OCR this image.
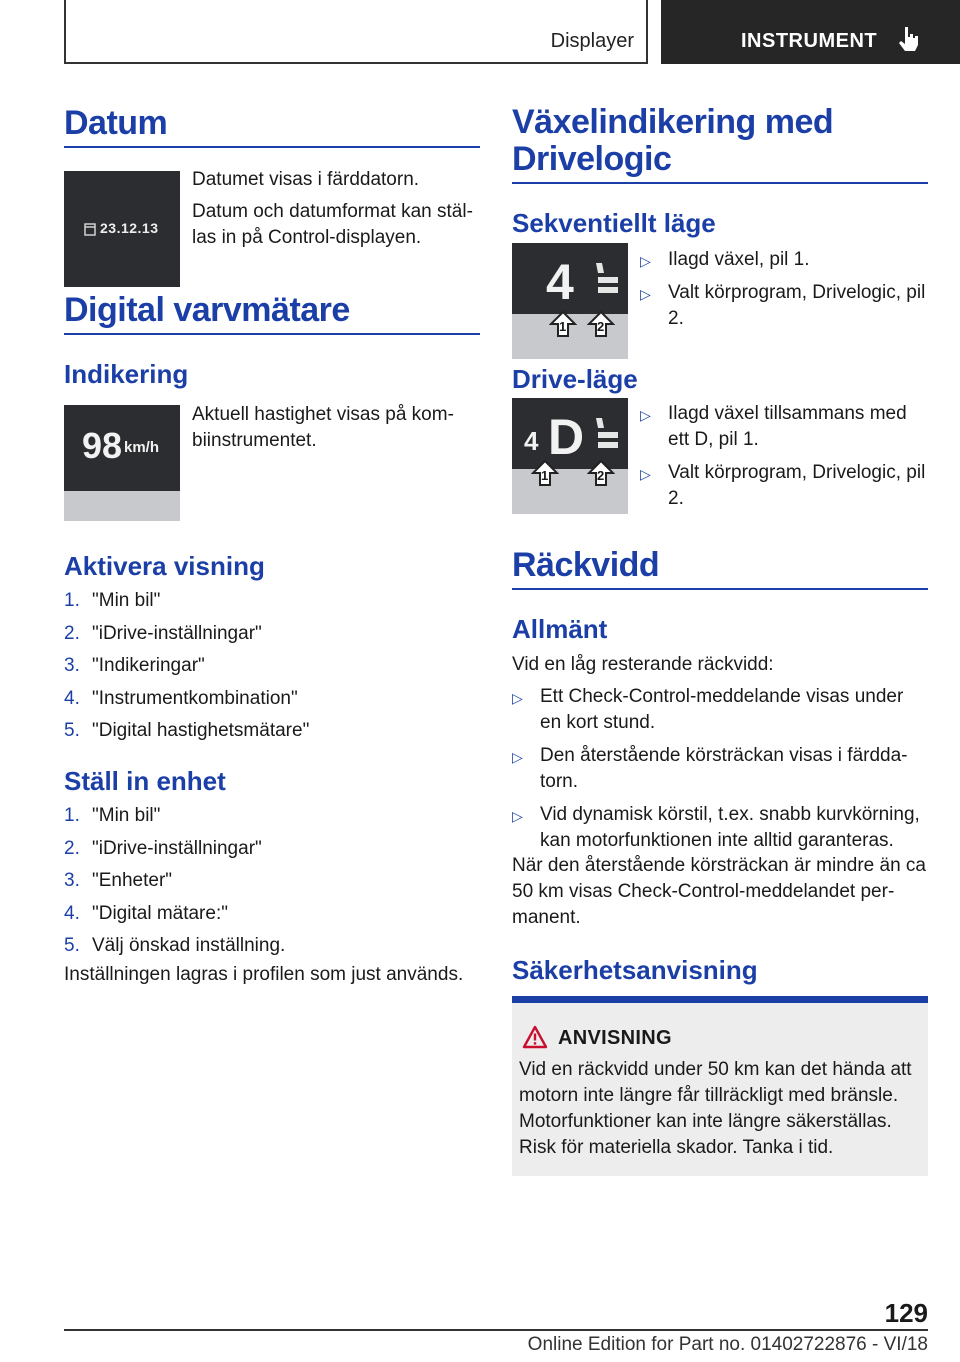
Displayer	INSTRUMENT
Datum
23.12.13
Datumet visas i färddatorn.
Datum och datumformat kan stäl-las in på Control-displayen.
Digital varvmätare
Indikering
98 km/h
Aktuell hastighet visas på kom-biinstrumentet.
Aktivera visning
1. "Min bil"
2. "iDrive-inställningar"
3. "Indikeringar"
4. "Instrumentkombination"
5. "Digital hastighetsmätare"
Ställ in enhet
1. "Min bil"
2. "iDrive-inställningar"
3. "Enheter"
4. "Digital mätare:"
5. Välj önskad inställning.
Inställningen lagras i profilen som just används.
Växelindikering med
Drivelogic
Sekventiellt läge
4
1 2
▷ Ilagd växel, pil 1.
▷ Valt körprogram, Drivelogic, pil 2.
Drive-läge
4 D
1	2
▷ Ilagd växel tillsammans med ett D, pil 1.
▷ Valt körprogram, Drivelogic, pil 2.
Räckvidd
Allmänt
Vid en låg resterande räckvidd:
▷ Ett Check-Control-meddelande visas under en kort stund.
▷ Den återstående körsträckan visas i färdda-torn.
▷ Vid dynamisk körstil, t.ex. snabb kurvkörning, kan motorfunktionen inte alltid garanteras.
När den återstående körsträckan är mindre än ca 50 km visas Check-Control-meddelandet per-manent.
Säkerhetsanvisning
ANVISNING
Vid en räckvidd under 50 km kan det hända att motorn inte längre får tillräckligt med bränsle. Motorfunktioner kan inte längre säkerställas. Risk för materiella skador. Tanka i tid.
129
Online Edition for Part no. 01402722876 - VI/18
